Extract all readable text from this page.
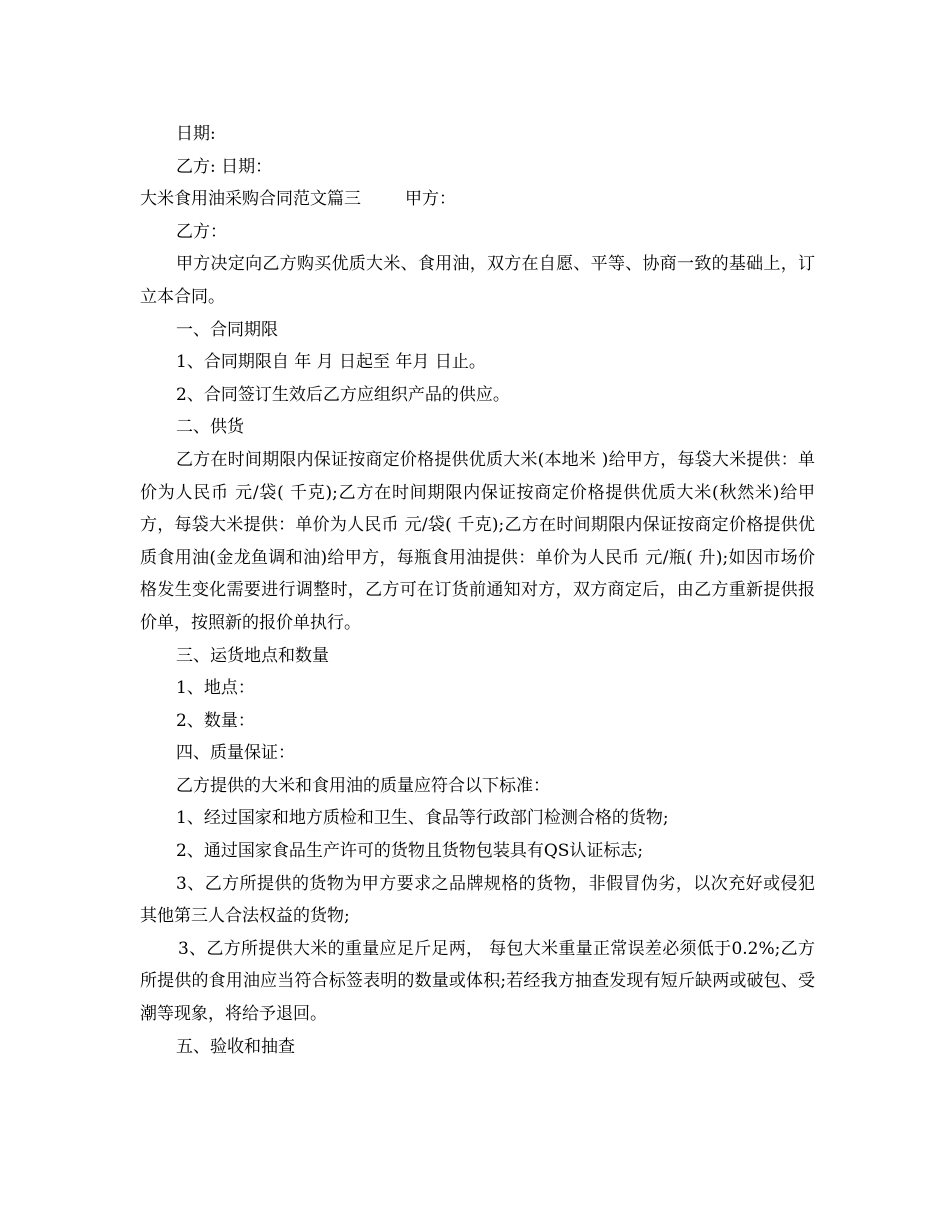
日期:
乙方: 日期：
大米食用油采购合同范文篇三	甲方：
乙方：
甲方决定向乙方购买优质大米、食用油，双方在自愿、平等、协商一致的基础上，订立本合同。
一、合同期限
1、合同期限自 年 月 日起至 年月 日止。
2、合同签订生效后乙方应组织产品的供应。
二、供货
乙方在时间期限内保证按商定价格提供优质大米(本地米 )给甲方，每袋大米提供：单价为人民币 元/袋( 千克);乙方在时间期限内保证按商定价格提供优质大米(秋然米)给甲方，每袋大米提供：单价为人民币 元/袋( 千克);乙方在时间期限内保证按商定价格提供优质食用油(金龙鱼调和油)给甲方，每瓶食用油提供：单价为人民币 元/瓶( 升);如因市场价格发生变化需要进行调整时，乙方可在订货前通知对方，双方商定后，由乙方重新提供报价单，按照新的报价单执行。
三、运货地点和数量
1、地点：
2、数量：
四、质量保证：
乙方提供的大米和食用油的质量应符合以下标准：
1、经过国家和地方质检和卫生、食品等行政部门检测合格的货物;
2、通过国家食品生产许可的货物且货物包装具有QS认证标志;
3、乙方所提供的货物为甲方要求之品牌规格的货物，非假冒伪劣，以次充好或侵犯其他第三人合法权益的货物;
3、乙方所提供大米的重量应足斤足两， 每包大米重量正常误差必须低于0.2%;乙方所提供的食用油应当符合标签表明的数量或体积;若经我方抽查发现有短斤缺两或破包、受潮等现象，将给予退回。
五、验收和抽查
